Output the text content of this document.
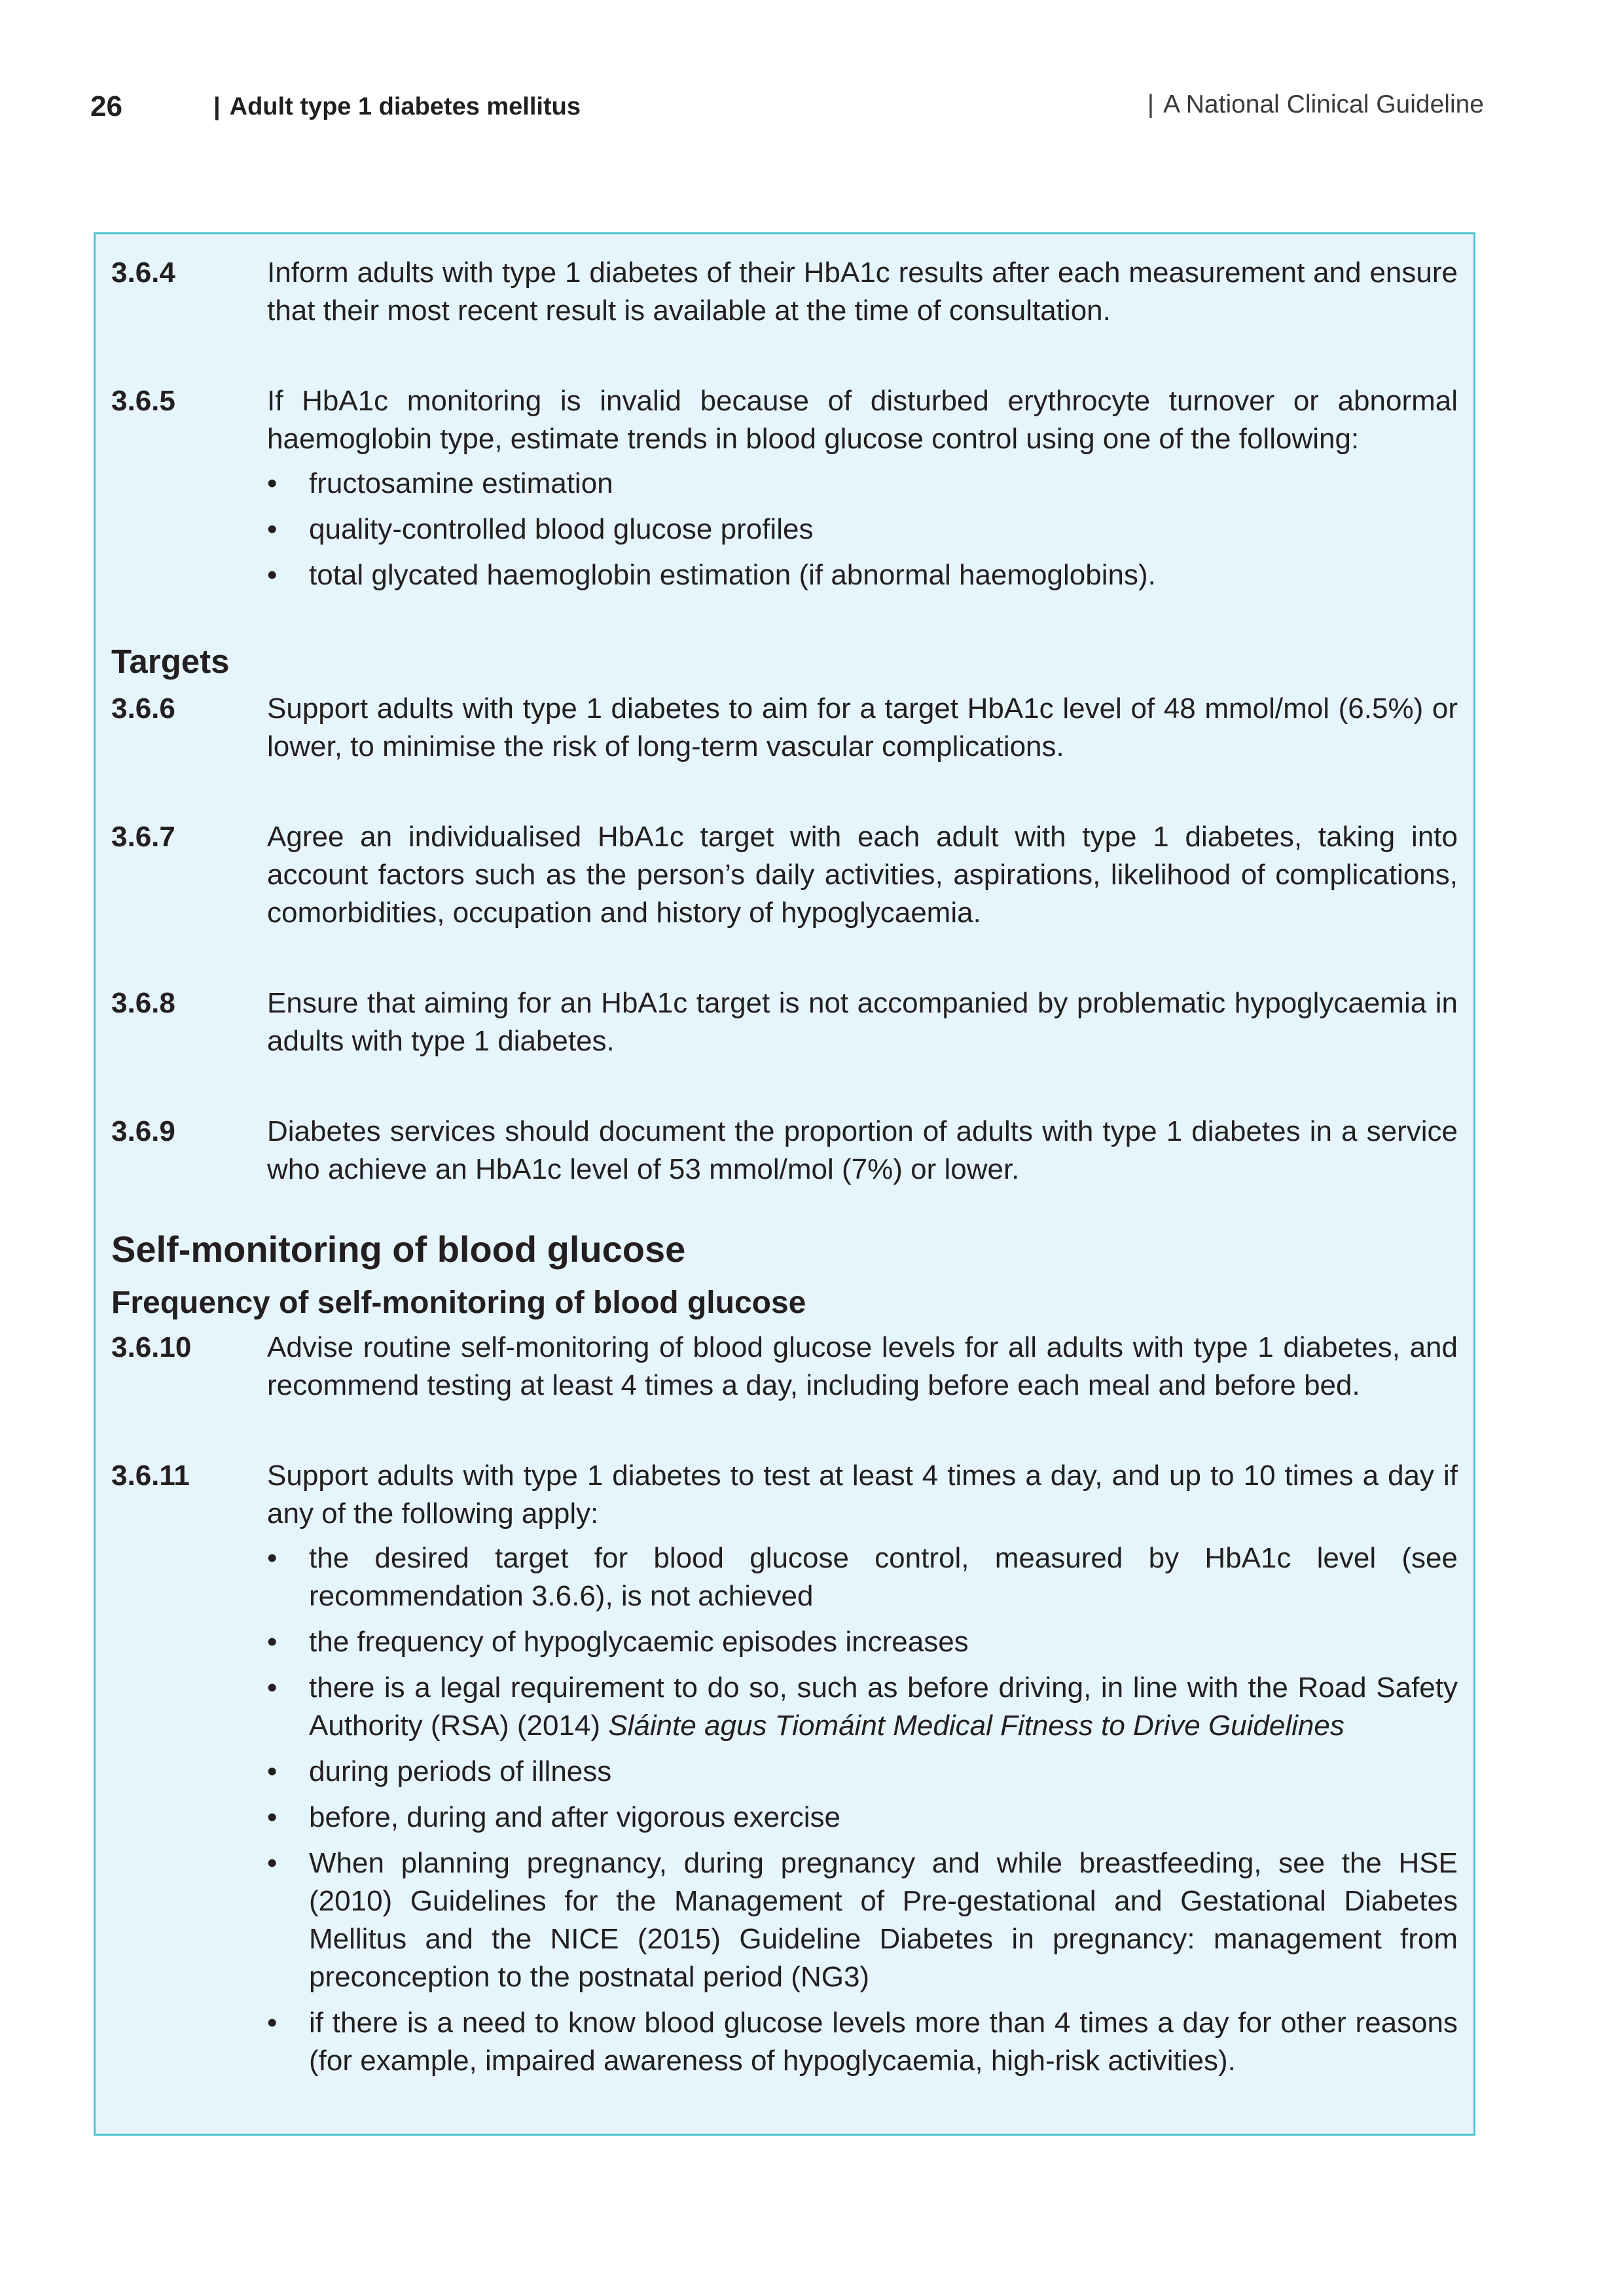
26	| Adult type 1 diabetes mellitus	| A National Clinical Guideline
3.6.4	Inform adults with type 1 diabetes of their HbA1c results after each measurement and ensure that their most recent result is available at the time of consultation.
3.6.5	If HbA1c monitoring is invalid because of disturbed erythrocyte turnover or abnormal haemoglobin type, estimate trends in blood glucose control using one of the following:
• fructosamine estimation
• quality-controlled blood glucose profiles
• total glycated haemoglobin estimation (if abnormal haemoglobins).
Targets
3.6.6	Support adults with type 1 diabetes to aim for a target HbA1c level of 48 mmol/mol (6.5%) or lower, to minimise the risk of long-term vascular complications.
3.6.7	Agree an individualised HbA1c target with each adult with type 1 diabetes, taking into account factors such as the person’s daily activities, aspirations, likelihood of complications, comorbidities, occupation and history of hypoglycaemia.
3.6.8	Ensure that aiming for an HbA1c target is not accompanied by problematic hypoglycaemia in adults with type 1 diabetes.
3.6.9	Diabetes services should document the proportion of adults with type 1 diabetes in a service who achieve an HbA1c level of 53 mmol/mol (7%) or lower.
Self-monitoring of blood glucose
Frequency of self-monitoring of blood glucose
3.6.10	Advise routine self-monitoring of blood glucose levels for all adults with type 1 diabetes, and recommend testing at least 4 times a day, including before each meal and before bed.
3.6.11	Support adults with type 1 diabetes to test at least 4 times a day, and up to 10 times a day if any of the following apply:
• the desired target for blood glucose control, measured by HbA1c level (see recommendation 3.6.6), is not achieved
• the frequency of hypoglycaemic episodes increases
• there is a legal requirement to do so, such as before driving, in line with the Road Safety Authority (RSA) (2014) Sláinte agus Tiomáint Medical Fitness to Drive Guidelines
• during periods of illness
• before, during and after vigorous exercise
• When planning pregnancy, during pregnancy and while breastfeeding, see the HSE (2010) Guidelines for the Management of Pre-gestational and Gestational Diabetes Mellitus and the NICE (2015) Guideline Diabetes in pregnancy: management from preconception to the postnatal period (NG3)
• if there is a need to know blood glucose levels more than 4 times a day for other reasons (for example, impaired awareness of hypoglycaemia, high-risk activities).
